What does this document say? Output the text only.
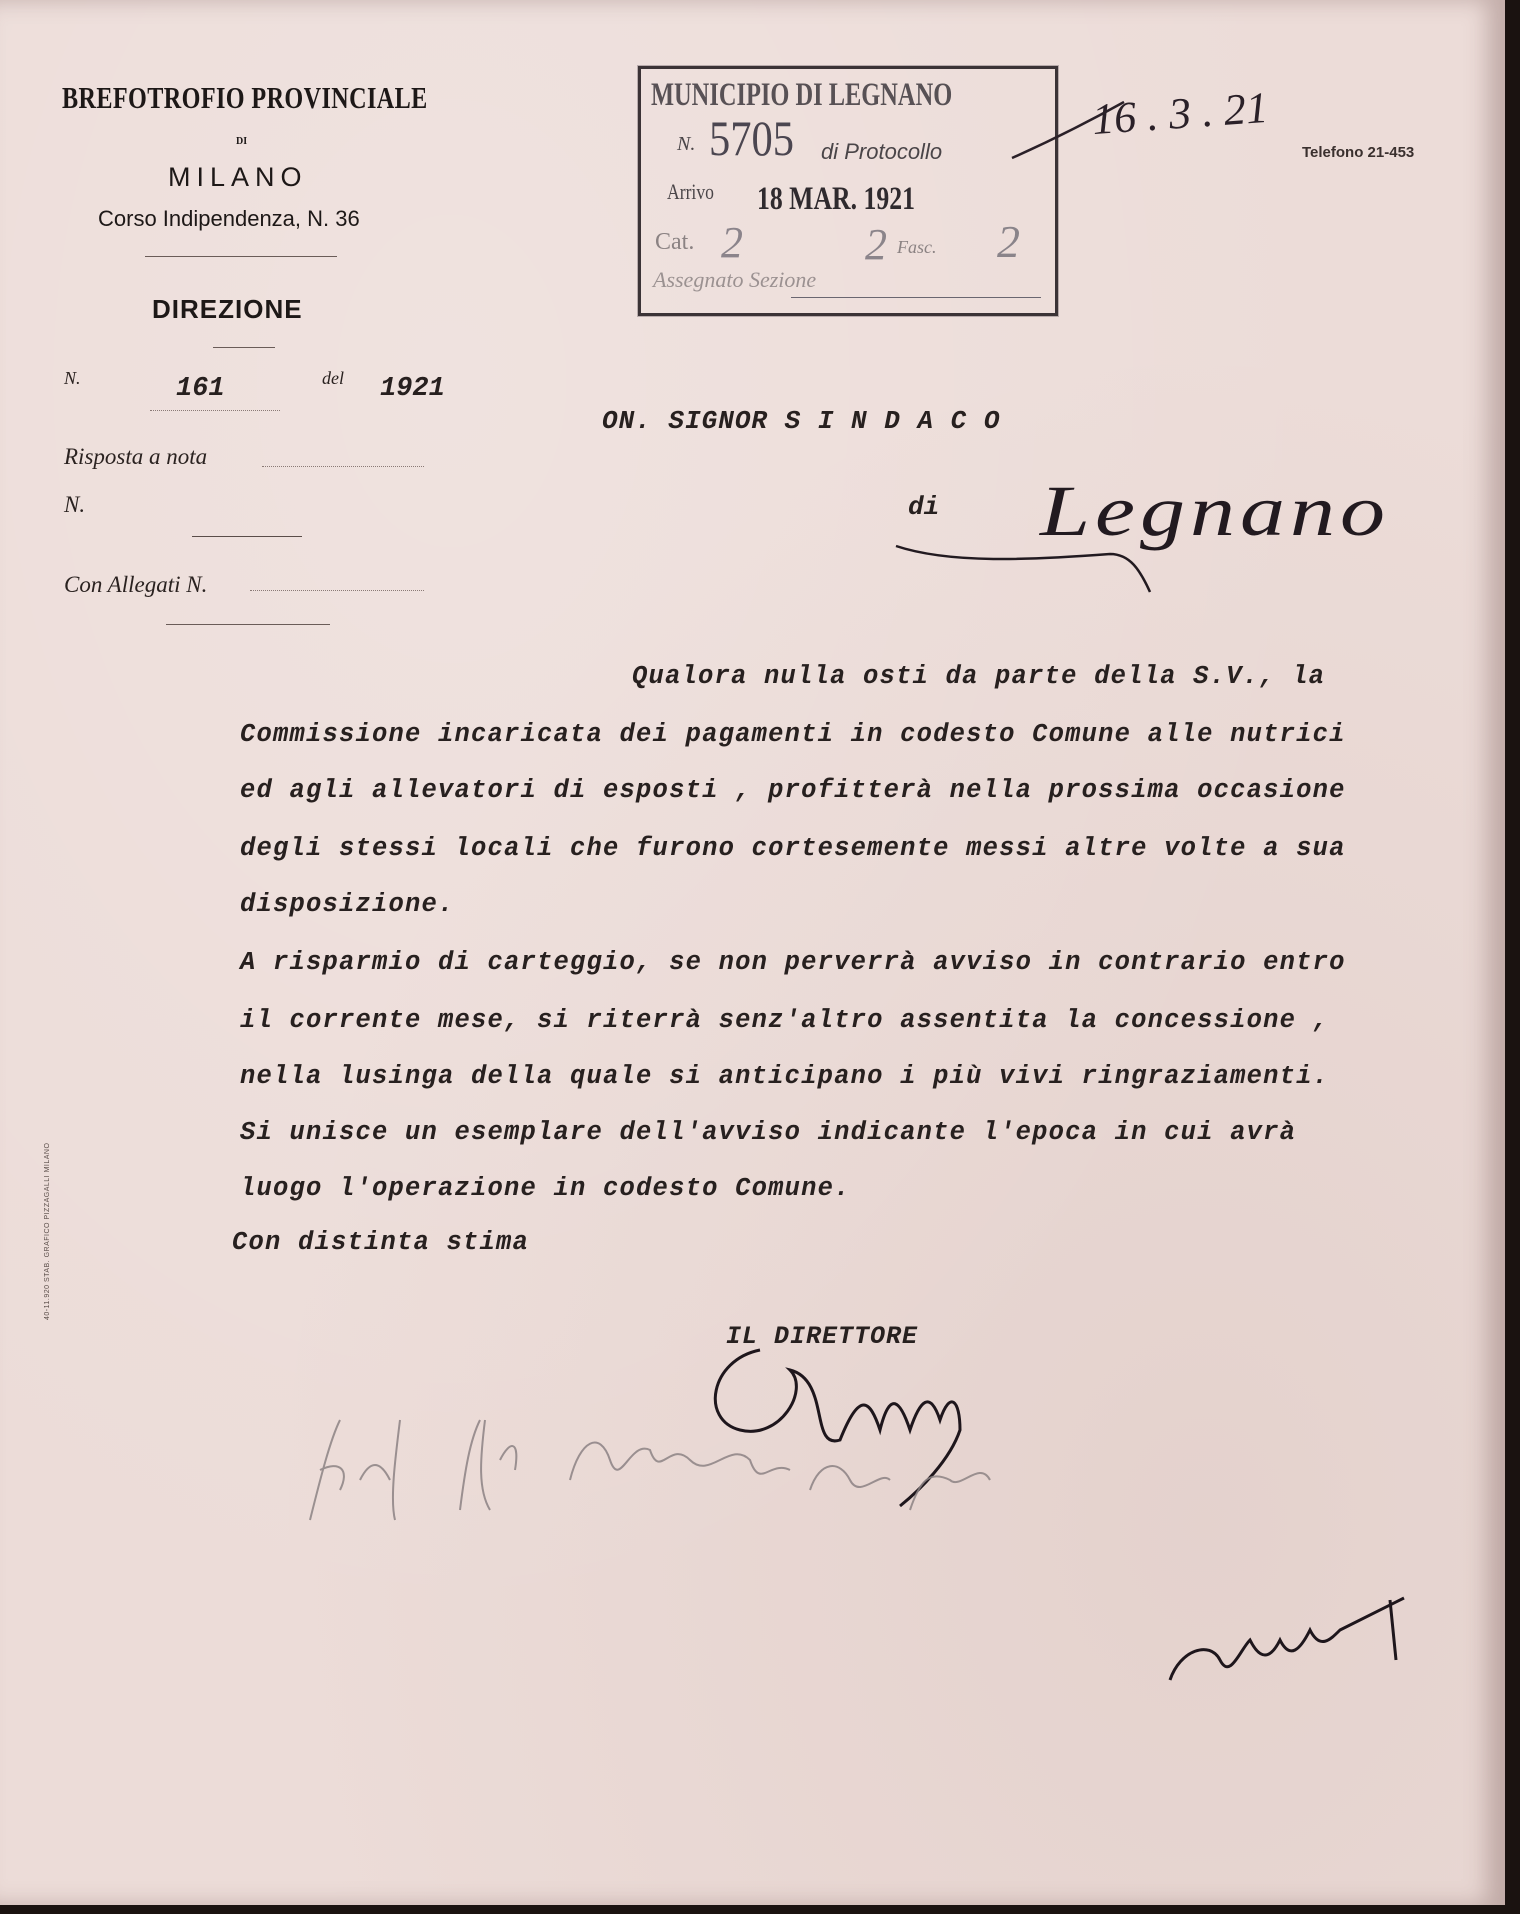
BREFOTROFIO PROVINCIALE
DI
MILANO
Corso Indipendenza, N. 36
DIREZIONE
N.	161	del 1921
Risposta a nota
N.
Con Allegati N.
MUNICIPIO DI LEGNANO
N. 5705 di Protocollo
Arrivo 18 MAR. 1921
Cat. 2	2 Fasc. 2
Assegnato Sezione
16 . 3 . 21
Telefono 21-453
ON. SIGNOR S I N D A C O
di Legnano
Qualora nulla osti da parte della S.V., la
Commissione incaricata dei pagamenti in codesto Comune alle nutrici
ed agli allevatori di esposti , profitterà nella prossima occasione
degli stessi locali che furono cortesemente messi altre volte a sua
disposizione.
A risparmio di carteggio, se non perverrà avviso in contrario entro
il corrente mese, si riterrà senz'altro assentita la concessione ,
nella lusinga della quale si anticipano i più vivi ringraziamenti.
Si unisce un esemplare dell'avviso indicante l'epoca in cui avrà
luogo l'operazione in codesto Comune.
Con distinta stima
IL DIRETTORE
40-11.920 STAB. GRAFICO PIZZAGALLI MILANO
